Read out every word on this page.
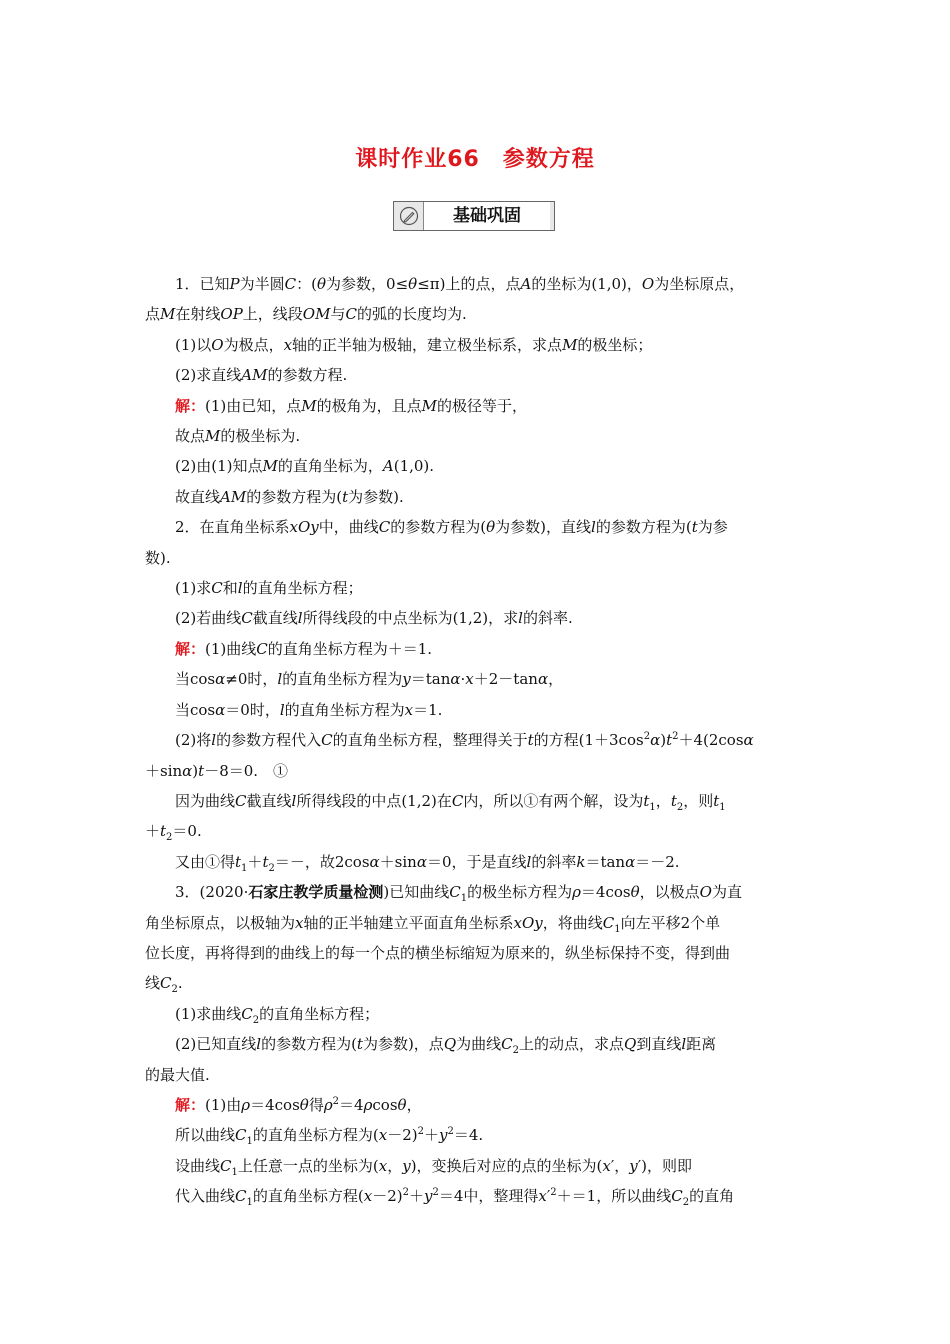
课时作业66　参数方程
基础巩固

1．已知P为半圆C：(θ为参数，0≤θ≤π)上的点，点A的坐标为(1,0)，O为坐标原点，

点M在射线OP上，线段OM与C的弧的长度均为.

(1)以O为极点，x轴的正半轴为极轴，建立极坐标系，求点M的极坐标；

(2)求直线AM的参数方程.

解：(1)由已知，点M的极角为，且点M的极径等于，

故点M的极坐标为.

(2)由(1)知点M的直角坐标为，A(1,0).

故直线AM的参数方程为(t为参数).

2．在直角坐标系xOy中，曲线C的参数方程为(θ为参数)，直线l的参数方程为(t为参

数).

(1)求C和l的直角坐标方程；

(2)若曲线C截直线l所得线段的中点坐标为(1,2)，求l的斜率.

解：(1)曲线C的直角坐标方程为＋＝1.

当cosα≠0时，l的直角坐标方程为y＝tanα·x＋2－tanα，

当cosα＝0时，l的直角坐标方程为x＝1.

(2)将l的参数方程代入C的直角坐标方程，整理得关于t的方程$(1+3\cos^2\alpha)t^2+4(2\cos\alpha$

＋sinα)t－8＝0.　①

因为曲线C截直线l所得线段的中点(1,2)在C内，所以①有两个解，设为$t_1$，$t_2$，则$t_1$

$+t_2=0$.

又由①得$t_1+t_2=-$，故2cosα＋sinα＝0，于是直线l的斜率k＝tanα＝－2.

3．(2020·石家庄教学质量检测)已知曲线$C_1$的极坐标方程为ρ＝4cosθ，以极点O为直

角坐标原点，以极轴为x轴的正半轴建立平面直角坐标系xOy，将曲线$C_1$向左平移2个单

位长度，再将得到的曲线上的每一个点的横坐标缩短为原来的，纵坐标保持不变，得到曲

线$C_2$.

(1)求曲线$C_2$的直角坐标方程；

(2)已知直线l的参数方程为(t为参数)，点Q为曲线$C_2$上的动点，求点Q到直线l距离

的最大值.

解：(1)由ρ＝4cosθ得$\rho^2=4\rho\cos\theta$，

所以曲线$C_1$的直角坐标方程为$(x-2)^2+y^2=4$.

设曲线$C_1$上任意一点的坐标为(x，y)，变换后对应的点的坐标为(x′，y′)，则即

代入曲线$C_1$的直角坐标方程$(x-2)^2+y^2=4$中，整理得$x'^2+=1$，所以曲线$C_2$的直角
